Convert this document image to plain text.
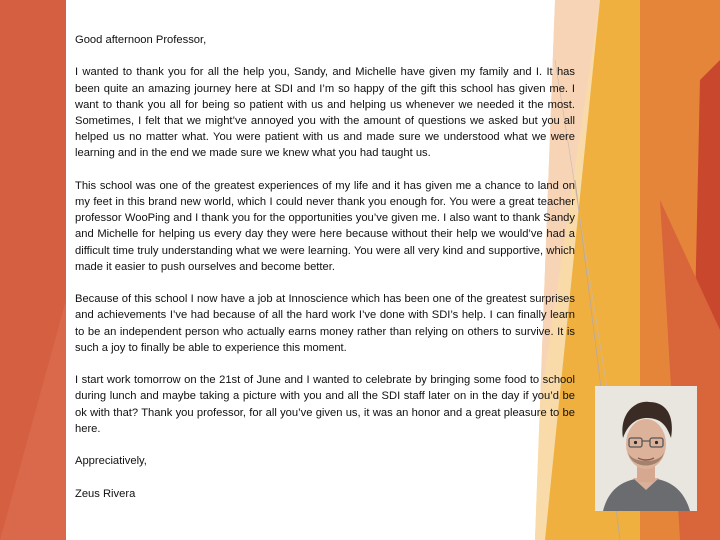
Good afternoon Professor,

I wanted to thank you for all the help you, Sandy, and Michelle have given my family and I. It has been quite an amazing journey here at SDI and I’m so happy of the gift this school has given me. I want to thank you all for being so patient with us and helping us whenever we needed it the most. Sometimes, I felt that we might’ve annoyed you with the amount of questions we asked but you all helped us no matter what. You were patient with us and made sure we understood what we were learning and in the end we made sure we knew what you had taught us.

This school was one of the greatest experiences of my life and it has given me a chance to land on my feet in this brand new world, which I could never thank you enough for. You were a great teacher professor WooPing and I thank you for the opportunities you’ve given me. I also want to thank Sandy and Michelle for helping us every day they were here because without their help we would’ve had a difficult time truly understanding what we were learning. You were all very kind and supportive, which made it easier to push ourselves and become better.

Because of this school I now have a job at Innoscience which has been one of the greatest surprises and achievements I’ve had because of all the hard work I’ve done with SDI’s help. I can finally learn to be an independent person who actually earns money rather than relying on others to survive. It is such a joy to finally be able to experience this moment.

I start work tomorrow on the 21st of June and I wanted to celebrate by bringing some food to school during lunch and maybe taking a picture with you and all the SDI staff later on in the day if you’d be ok with that? Thank you professor, for all you’ve given us, it was an honor and a great pleasure to be here.

Appreciatively,

Zeus Rivera
